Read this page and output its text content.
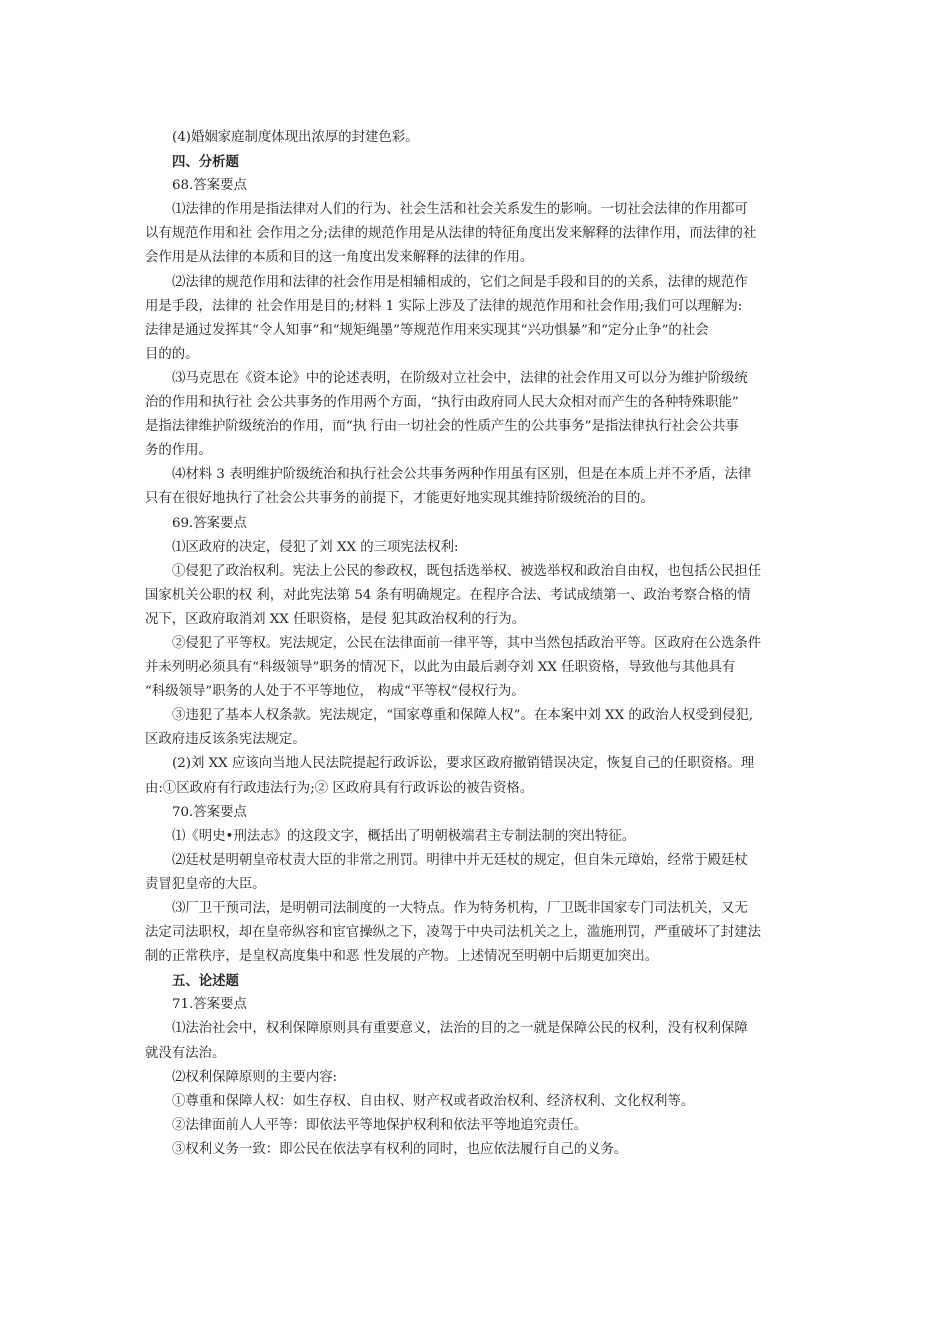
(4)婚姻家庭制度体现出浓厚的封建色彩。
四、分析题
68.答案要点
⑴法律的作用是指法律对人们的行为、社会生活和社会关系发生的影响。一切社会法律的作用都可
以有规范作用和社 会作用之分;法律的规范作用是从法律的特征角度出发来解释的法律作用，而法律的社
会作用是从法律的本质和目的这一角度出发来解释的法律的作用。
⑵法律的规范作用和法律的社会作用是相辅相成的，它们之间是手段和目的的关系，法律的规范作
用是手段，法律的 社会作用是目的;材料 1 实际上涉及了法律的规范作用和社会作用;我们可以理解为:
法律是通过发挥其“令人知事”和“规矩绳墨”等规范作用来实现其“兴功惧暴”和“定分止争”的社会
目的的。
⑶马克思在《资本论》中的论述表明，在阶级对立社会中，法律的社会作用又可以分为维护阶级统
治的作用和执行社 会公共事务的作用两个方面，“执行由政府同人民大众相对而产生的各种特殊职能”
是指法律维护阶级统治的作用，而“执 行由一切社会的性质产生的公共事务”是指法律执行社会公共事
务的作用。
⑷材料 3 表明维护阶级统治和执行社会公共事务两种作用虽有区别，但是在本质上并不矛盾，法律
只有在很好地执行了社会公共事务的前提下，才能更好地实现其维持阶级统治的目的。
69.答案要点
⑴区政府的决定，侵犯了刘 XX 的三项宪法权利:
①侵犯了政治权利。宪法上公民的参政权，既包括选举权、被选举权和政治自由权，也包括公民担任
国家机关公职的权 利，对此宪法第 54 条有明确规定。在程序合法、考试成绩第一、政治考察合格的情
况下，区政府取消刘 XX 任职资格，是侵 犯其政治权利的行为。
②侵犯了平等权。宪法规定，公民在法律面前一律平等，其中当然包括政治平等。区政府在公选条件
并未列明必须具有“科级领导”职务的情况下，以此为由最后剥夺刘 XX 任职资格，导致他与其他具有
“科级领导”职务的人处于不平等地位， 构成“平等权”侵权行为。
③违犯了基本人权条款。宪法规定，“国家尊重和保障人权”。在本案中刘 XX 的政治人权受到侵犯,
区政府违反该条宪法规定。
(2)刘 XX 应该向当地人民法院提起行政诉讼，要求区政府撤销错误决定，恢复自己的任职资格。理
由:①区政府有行政违法行为;② 区政府具有行政诉讼的被告资格。
70.答案要点
⑴《明史•刑法志》的这段文字，概括出了明朝极端君主专制法制的突出特征。
⑵廷杖是明朝皇帝杖责大臣的非常之刑罚。明律中并无廷杖的规定，但自朱元璋始，经常于殿廷杖
责冒犯皇帝的大臣。
⑶厂卫干预司法，是明朝司法制度的一大特点。作为特务机构，厂卫既非国家专门司法机关，又无
法定司法职权，却在皇帝纵容和宦官操纵之下，凌驾于中央司法机关之上，滥施刑罚，严重破坏了封建法
制的正常秩序，是皇权高度集中和恶 性发展的产物。上述情况至明朝中后期更加突出。
五、论述题
71.答案要点
⑴法治社会中，权利保障原则具有重要意义，法治的目的之一就是保障公民的权利，没有权利保障
就没有法治。
⑵权利保障原则的主要内容:
①尊重和保障人权：如生存权、自由权、财产权或者政治权利、经济权利、文化权利等。
②法律面前人人平等：即依法平等地保护权利和依法平等地追究责任。
③权利义务一致：即公民在依法享有权利的同时，也应依法履行自己的义务。
